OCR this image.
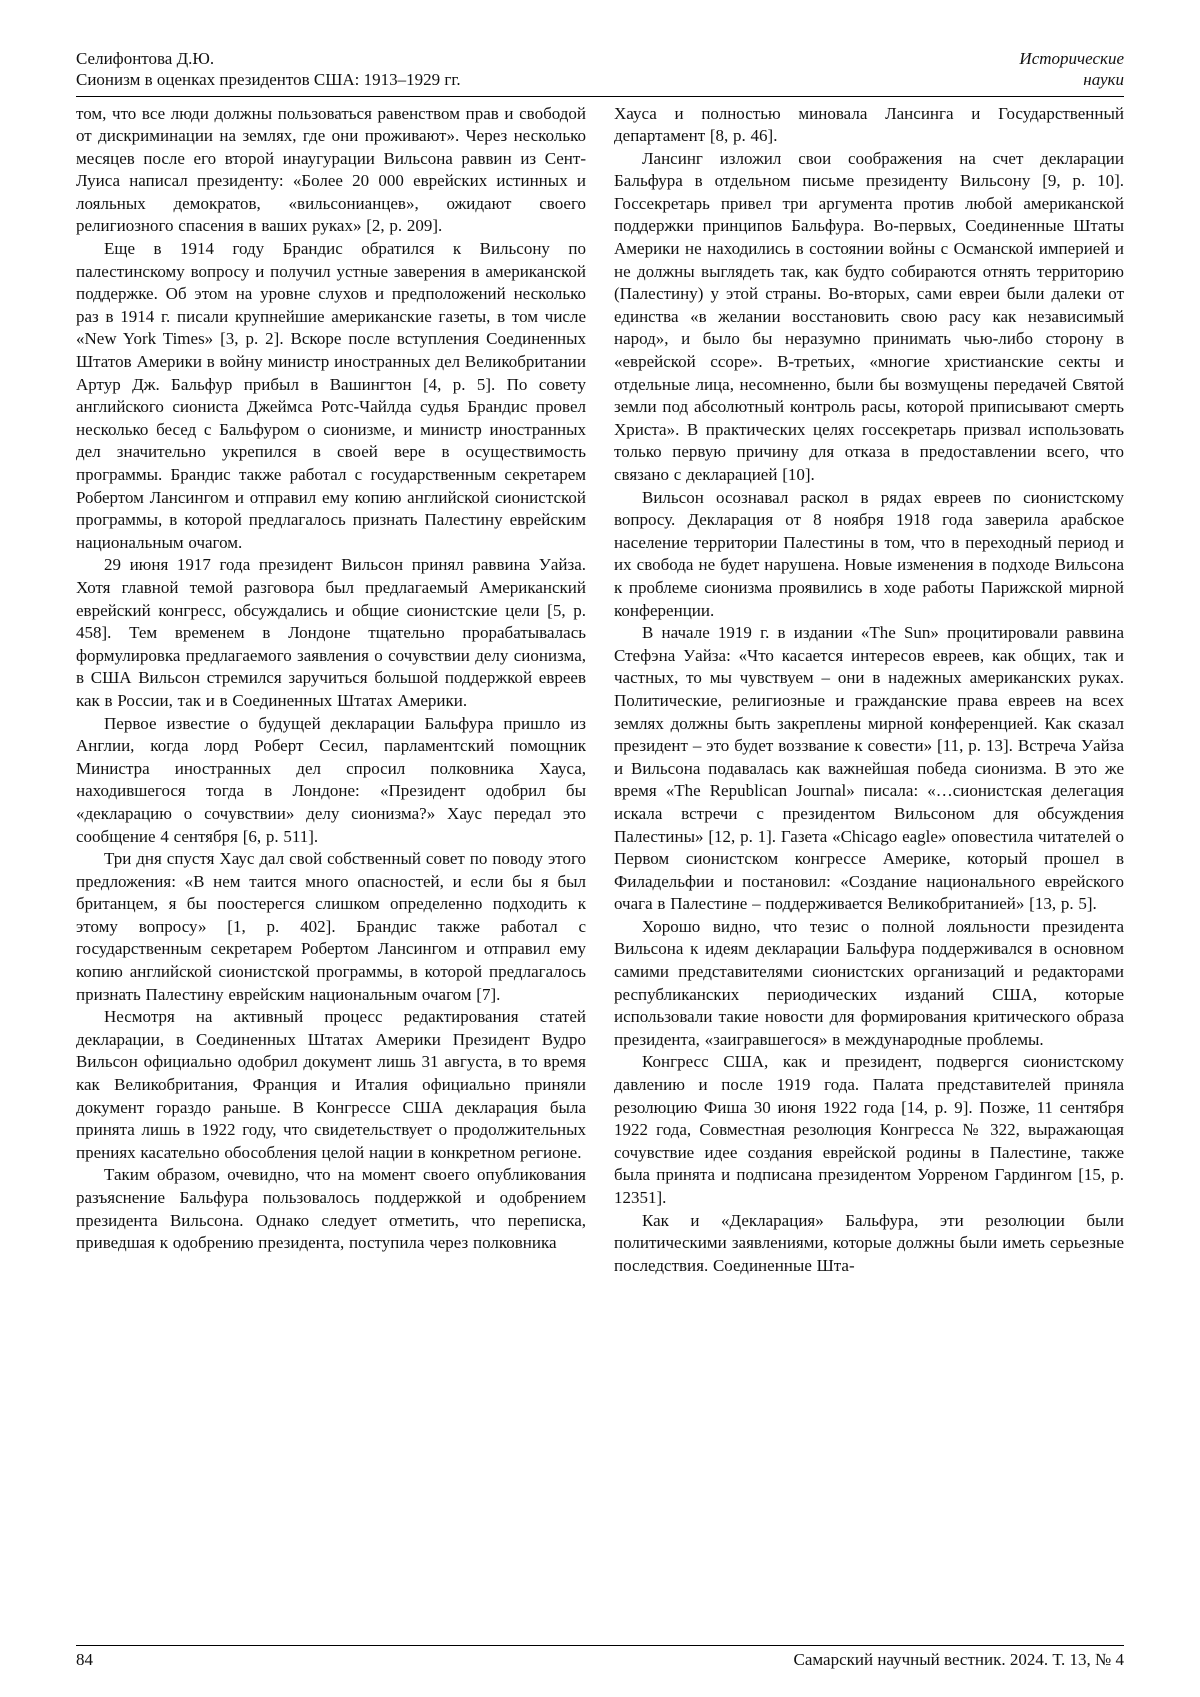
Селифонтова Д.Ю.
Сионизм в оценках президентов США: 1913–1929 гг.
Исторические
науки

том, что все люди должны пользоваться равенством прав и свободой от дискриминации на землях, где они проживают». Через несколько месяцев после его второй инаугурации Вильсона раввин из Сент-Луиса написал президенту: «Более 20 000 еврейских истинных и лояльных демократов, «вильсонианцев», ожидают своего религиозного спасения в ваших руках» [2, p. 209].

Еще в 1914 году Брандис обратился к Вильсону по палестинскому вопросу и получил устные заверения в американской поддержке. Об этом на уровне слухов и предположений несколько раз в 1914 г. писали крупнейшие американские газеты, в том числе «New York Times» [3, p. 2]. Вскоре после вступления Соединенных Штатов Америки в войну министр иностранных дел Великобритании Артур Дж. Бальфур прибыл в Вашингтон [4, p. 5]. По совету английского сиониста Джеймса Ротс-Чайлда судья Брандис провел несколько бесед с Бальфуром о сионизме, и министр иностранных дел значительно укрепился в своей вере в осуществимость программы. Брандис также работал с государственным секретарем Робертом Лансингом и отправил ему копию английской сионистской программы, в которой предлагалось признать Палестину еврейским национальным очагом.

29 июня 1917 года президент Вильсон принял раввина Уайза. Хотя главной темой разговора был предлагаемый Американский еврейский конгресс, обсуждались и общие сионистские цели [5, p. 458]. Тем временем в Лондоне тщательно прорабатывалась формулировка предлагаемого заявления о сочувствии делу сионизма, в США Вильсон стремился заручиться большой поддержкой евреев как в России, так и в Соединенных Штатах Америки.

Первое известие о будущей декларации Бальфура пришло из Англии, когда лорд Роберт Сесил, парламентский помощник Министра иностранных дел спросил полковника Хауса, находившегося тогда в Лондоне: «Президент одобрил бы «декларацию о сочувствии» делу сионизма?» Хаус передал это сообщение 4 сентября [6, p. 511].

Три дня спустя Хаус дал свой собственный совет по поводу этого предложения: «В нем таится много опасностей, и если бы я был британцем, я бы поостерегся слишком определенно подходить к этому вопросу» [1, p. 402]. Брандис также работал с государственным секретарем Робертом Лансингом и отправил ему копию английской сионистской программы, в которой предлагалось признать Палестину еврейским национальным очагом [7].

Несмотря на активный процесс редактирования статей декларации, в Соединенных Штатах Америки Президент Вудро Вильсон официально одобрил документ лишь 31 августа, в то время как Великобритания, Франция и Италия официально приняли документ гораздо раньше. В Конгрессе США декларация была принята лишь в 1922 году, что свидетельствует о продолжительных прениях касательно обособления целой нации в конкретном регионе.

Таким образом, очевидно, что на момент своего опубликования разъяснение Бальфура пользовалось поддержкой и одобрением президента Вильсона. Однако следует отметить, что переписка, приведшая к одобрению президента, поступила через полковника

Хауса и полностью миновала Лансинга и Государственный департамент [8, p. 46].

Лансинг изложил свои соображения на счет декларации Бальфура в отдельном письме президенту Вильсону [9, p. 10]. Госсекретарь привел три аргумента против любой американской поддержки принципов Бальфура. Во-первых, Соединенные Штаты Америки не находились в состоянии войны с Османской империей и не должны выглядеть так, как будто собираются отнять территорию (Палестину) у этой страны. Во-вторых, сами евреи были далеки от единства «в желании восстановить свою расу как независимый народ», и было бы неразумно принимать чью-либо сторону в «еврейской ссоре». В-третьих, «многие христианские секты и отдельные лица, несомненно, были бы возмущены передачей Святой земли под абсолютный контроль расы, которой приписывают смерть Христа». В практических целях госсекретарь призвал использовать только первую причину для отказа в предоставлении всего, что связано с декларацией [10].

Вильсон осознавал раскол в рядах евреев по сионистскому вопросу. Декларация от 8 ноября 1918 года заверила арабское население территории Палестины в том, что в переходный период и их свобода не будет нарушена. Новые изменения в подходе Вильсона к проблеме сионизма проявились в ходе работы Парижской мирной конференции.

В начале 1919 г. в издании «The Sun» процитировали раввина Стефэна Уайза: «Что касается интересов евреев, как общих, так и частных, то мы чувствуем – они в надежных американских руках. Политические, религиозные и гражданские права евреев на всех землях должны быть закреплены мирной конференцией. Как сказал президент – это будет воззвание к совести» [11, p. 13]. Встреча Уайза и Вильсона подавалась как важнейшая победа сионизма. В это же время «The Republican Journal» писала: «…сионистская делегация искала встречи с президентом Вильсоном для обсуждения Палестины» [12, p. 1]. Газета «Chicago eagle» оповестила читателей о Первом сионистском конгрессе Америке, который прошел в Филадельфии и постановил: «Создание национального еврейского очага в Палестине – поддерживается Великобританией» [13, p. 5].

Хорошо видно, что тезис о полной лояльности президента Вильсона к идеям декларации Бальфура поддерживался в основном самими представителями сионистских организаций и редакторами республиканских периодических изданий США, которые использовали такие новости для формирования критического образа президента, «заигравшегося» в международные проблемы.

Конгресс США, как и президент, подвергся сионистскому давлению и после 1919 года. Палата представителей приняла резолюцию Фиша 30 июня 1922 года [14, p. 9]. Позже, 11 сентября 1922 года, Совместная резолюция Конгресса № 322, выражающая сочувствие идее создания еврейской родины в Палестине, также была принята и подписана президентом Уорреном Гардингом [15, p. 12351].

Как и «Декларация» Бальфура, эти резолюции были политическими заявлениями, которые должны были иметь серьезные последствия. Соединенные Шта-

84	Самарский научный вестник. 2024. Т. 13, № 4
